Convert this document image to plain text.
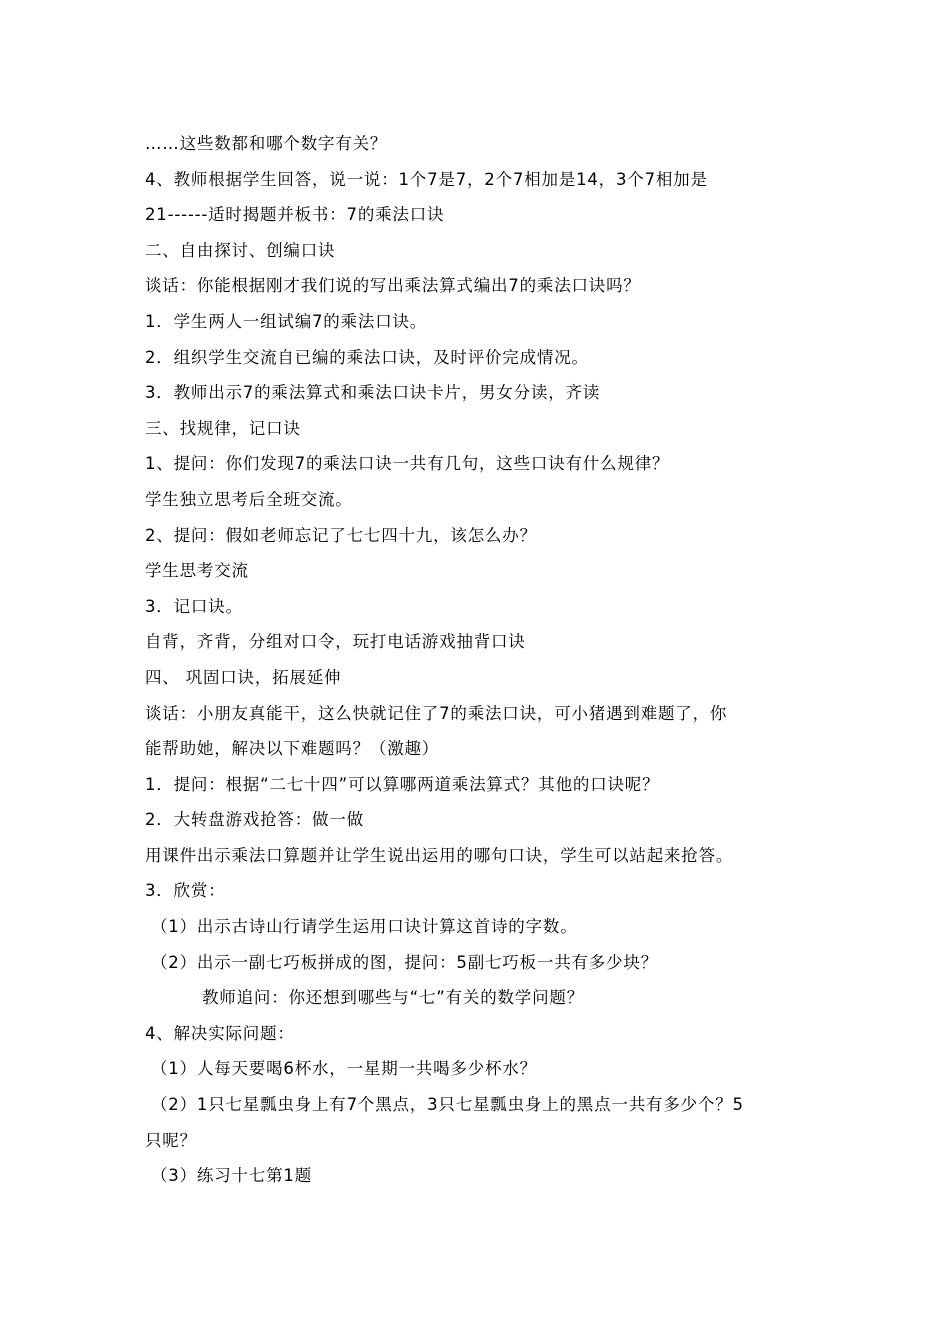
……这些数都和哪个数字有关？
4、教师根据学生回答，说一说：1个7是7，2个7相加是14，3个7相加是
21------适时揭题并板书：7的乘法口诀
二、自由探讨、创编口诀
谈话：你能根据刚才我们说的写出乘法算式编出7的乘法口诀吗？
1．学生两人一组试编7的乘法口诀。
2．组织学生交流自已编的乘法口诀，及时评价完成情况。
3．教师出示7的乘法算式和乘法口诀卡片，男女分读，齐读
三、找规律，记口诀
1、提问：你们发现7的乘法口诀一共有几句，这些口诀有什么规律？
学生独立思考后全班交流。
2、提问：假如老师忘记了七七四十九，该怎么办？
学生思考交流
3．记口诀。
自背，齐背，分组对口令，玩打电话游戏抽背口诀
四、 巩固口诀，拓展延伸
谈话：小朋友真能干，这么快就记住了7的乘法口诀，可小猪遇到难题了，你
能帮助她，解决以下难题吗？（激趣）
1．提问：根据“二七十四”可以算哪两道乘法算式？其他的口诀呢？
2．大转盘游戏抢答：做一做
用课件出示乘法口算题并让学生说出运用的哪句口诀，学生可以站起来抢答。
3．欣赏：
（1）出示古诗山行请学生运用口诀计算这首诗的字数。
（2）出示一副七巧板拼成的图，提问：5副七巧板一共有多少块？
教师追问：你还想到哪些与“七”有关的数学问题？
4、解决实际问题：
（1）人每天要喝6杯水，一星期一共喝多少杯水？
（2）1只七星瓢虫身上有7个黑点，3只七星瓢虫身上的黑点一共有多少个？5
只呢？
（3）练习十七第1题
